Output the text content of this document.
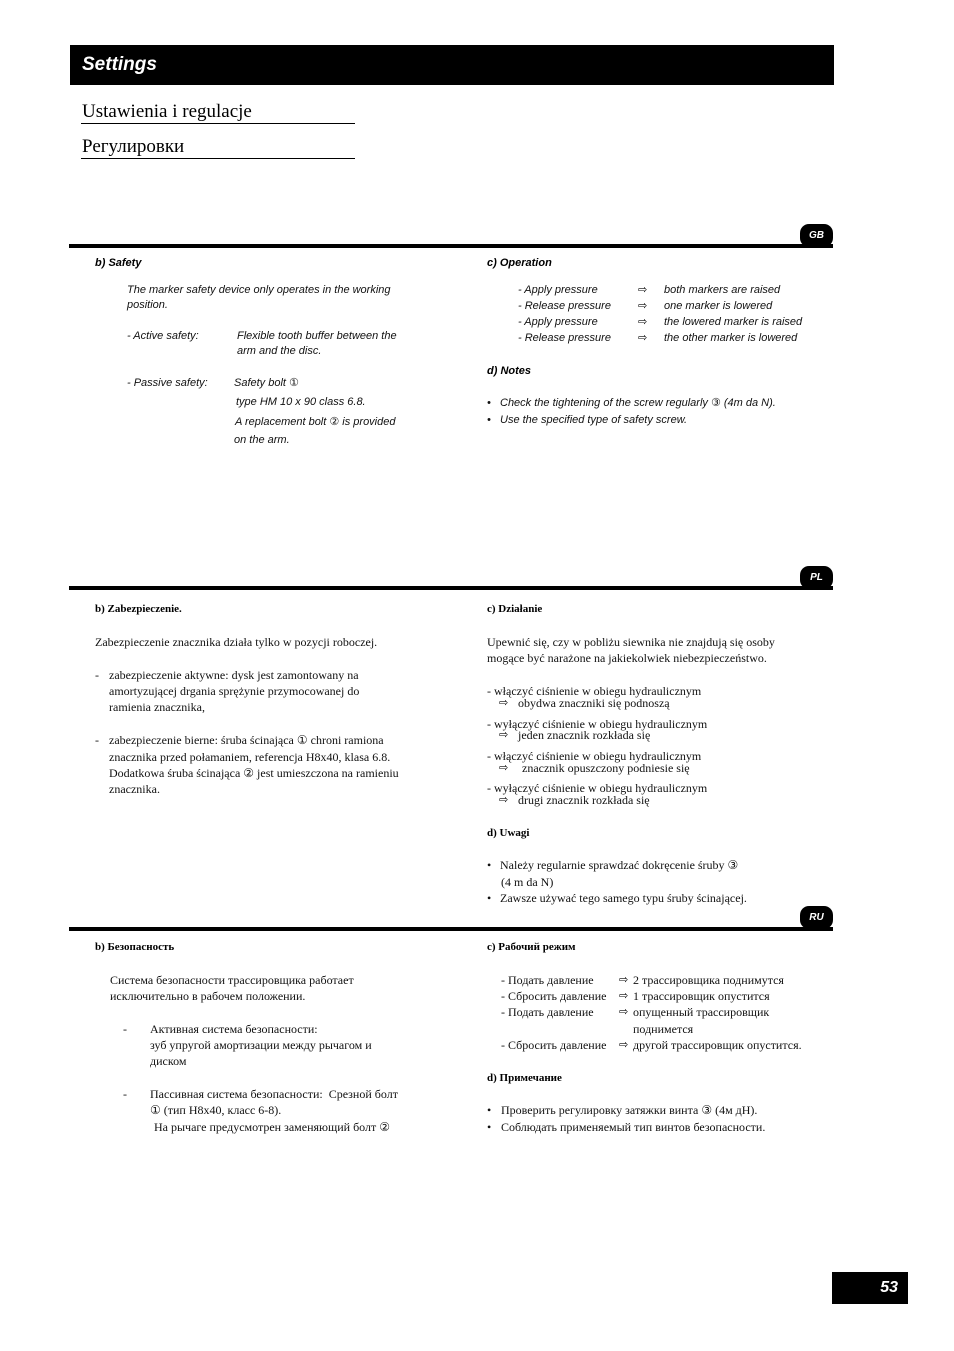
Settings

Ustawienia i regulacje
Регулировки
GB
b) Safety
The marker safety device only operates in the working
position.
- Active safety:	Flexible tooth buffer between the
arm and the disc.
- Passive safety: Safety bolt ①
type HM 10 x 90 class 6.8.
A replacement bolt ② is provided
on the arm.
c) Operation
- Apply pressure	⇨ both markers are raised
- Release pressure ⇨ one marker is lowered
- Apply pressure	⇨ the lowered marker is raised
- Release pressure ⇨ the other marker is lowered
d) Notes
• Check the tightening of the screw regularly ③ (4m da N).
• Use the specified type of safety screw.
PL
b) Zabezpieczenie.
Zabezpieczenie znacznika działa tylko w pozycji roboczej.
- zabezpieczenie aktywne: dysk jest zamontowany na
amortyzującej drgania sprężynie przymocowanej do
ramienia znacznika,
- zabezpieczenie bierne: śruba ścinająca ① chroni ramiona
znacznika przed połamaniem, referencja H8x40, klasa 6.8.
Dodatkowa śruba ścinająca ② jest umieszczona na ramieniu
znacznika.
c) Działanie
Upewnić się, czy w pobliżu siewnika nie znajdują się osoby
mogące być narażone na jakiekolwiek niebezpieczeństwo.
- włączyć ciśnienie w obiegu hydraulicznym
⇨ obydwa znaczniki się podnoszą
- wyłączyć ciśnienie w obiegu hydraulicznym
⇨ jeden znacznik rozkłada się
- włączyć ciśnienie w obiegu hydraulicznym
⇨ znacznik opuszczony podniesie się
- wyłączyć ciśnienie w obiegu hydraulicznym
⇨ drugi znacznik rozkłada się
d) Uwagi
• Należy regularnie sprawdzać dokręcenie śruby ③
(4 m da N)
• Zawsze używać tego samego typu śruby ścinającej.
RU
b) Безопасность
Система безопасности трассировщика работает
исключительно в рабочем положении.
- Активная система безопасности:
зуб упругой амортизации между рычагом и
диском
- Пассивная система безопасности:  Срезной болт
① (тип H8x40, класс 6-8).
На рычаге предусмотрен заменяющий болт ②
c) Рабочий режим
- Подать давление ⇨ 2 трассировщика поднимутся
- Сбросить давление ⇨ 1 трассировщик опустится
- Подать давление ⇨ опущенный трассировщик
поднимется
- Сбросить давление ⇨ другой трассировщик опустится.
d) Примечание
• Проверить регулировку затяжки винта ③ (4м дН).
• Соблюдать применяемый тип винтов безопасности.
53
